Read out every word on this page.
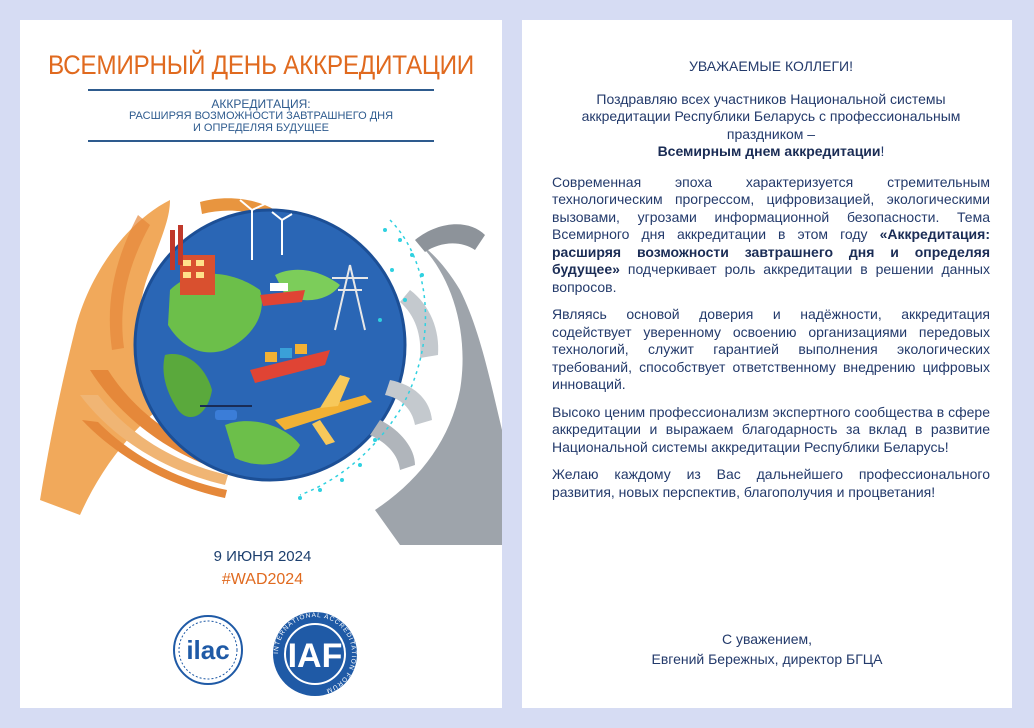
ВСЕМИРНЫЙ ДЕНЬ АККРЕДИТАЦИИ
АККРЕДИТАЦИЯ:
РАСШИРЯЯ ВОЗМОЖНОСТИ ЗАВТРАШНЕГО ДНЯ
И ОПРЕДЕЛЯЯ БУДУЩЕЕ
9 ИЮНЯ 2024
#WAD2024
ilac IAF
INTERNATIONAL ACCREDITATION FORUM

УВАЖАЕМЫЕ КОЛЛЕГИ!

Поздравляю всех участников Национальной системы аккредитации Республики Беларусь с профессиональным праздником –
Всемирным днем аккредитации!

Современная эпоха характеризуется стремительным технологическим прогрессом, цифровизацией, экологическими вызовами, угрозами информационной безопасности. Тема Всемирного дня аккредитации в этом году «Аккредитация: расширяя возможности завтрашнего дня и определяя будущее» подчеркивает роль аккредитации в решении данных вопросов.

Являясь основой доверия и надёжности, аккредитация содействует уверенному освоению организациями передовых технологий, служит гарантией выполнения экологических требований, способствует ответственному внедрению цифровых инноваций.

Высоко ценим профессионализм экспертного сообщества в сфере аккредитации и выражаем благодарность за вклад в развитие Национальной системы аккредитации Республики Беларусь!

Желаю каждому из Вас дальнейшего профессионального развития, новых перспектив, благополучия и процветания!

С уважением,
Евгений Бережных, директор БГЦА
